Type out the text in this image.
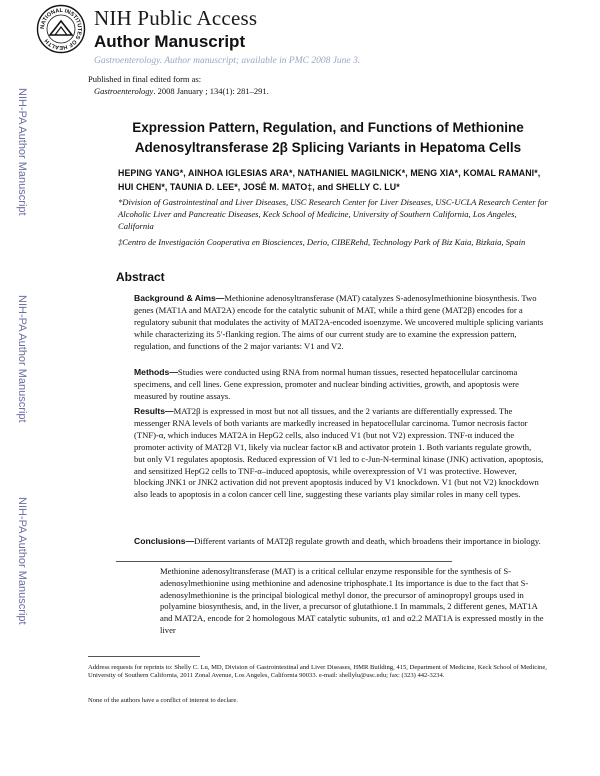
NATIONAL INSTITUTES OF HEALTH
NIH Public Access
Author Manuscript
Gastroenterology. Author manuscript; available in PMC 2008 June 3.
Published in final edited form as:
Gastroenterology. 2008 January ; 134(1): 281–291.
NIH-PA Author Manuscript
NIH-PA Author Manuscript
NIH-PA Author Manuscript
Expression Pattern, Regulation, and Functions of Methionine
Adenosyltransferase 2β Splicing Variants in Hepatoma Cells
HEPING YANG*, AINHOA IGLESIAS ARA*, NATHANIEL MAGILNICK*, MENG XIA*, KOMAL RAMANI*, HUI CHEN*, TAUNIA D. LEE*, JOSÉ M. MATO‡, and SHELLY C. LU*
*Division of Gastrointestinal and Liver Diseases, USC Research Center for Liver Diseases, USC-UCLA Research Center for Alcoholic Liver and Pancreatic Diseases, Keck School of Medicine, University of Southern California, Los Angeles, California
‡Centro de Investigación Cooperativa en Biosciences, Derio, CIBERehd, Technology Park of Biz Kaia, Bizkaia, Spain
Abstract
Background & Aims—Methionine adenosyltransferase (MAT) catalyzes S-adenosylmethionine biosynthesis. Two genes (MAT1A and MAT2A) encode for the catalytic subunit of MAT, while a third gene (MAT2β) encodes for a regulatory subunit that modulates the activity of MAT2A-encoded isoenzyme. We uncovered multiple splicing variants while characterizing its 5′-flanking region. The aims of our current study are to examine the expression pattern, regulation, and functions of the 2 major variants: V1 and V2.
Methods—Studies were conducted using RNA from normal human tissues, resected hepatocellular carcinoma specimens, and cell lines. Gene expression, promoter and nuclear binding activities, growth, and apoptosis were measured by routine assays.
Results—MAT2β is expressed in most but not all tissues, and the 2 variants are differentially expressed. The messenger RNA levels of both variants are markedly increased in hepatocellular carcinoma. Tumor necrosis factor (TNF)-α, which induces MAT2A in HepG2 cells, also induced V1 (but not V2) expression. TNF-α induced the promoter activity of MAT2β V1, likely via nuclear factor κB and activator protein 1. Both variants regulate growth, but only V1 regulates apoptosis. Reduced expression of V1 led to c-Jun-N-terminal kinase (JNK) activation, apoptosis, and sensitized HepG2 cells to TNF-α–induced apoptosis, while overexpression of V1 was protective. However, blocking JNK1 or JNK2 activation did not prevent apoptosis induced by V1 knockdown. V1 (but not V2) knockdown also leads to apoptosis in a colon cancer cell line, suggesting these variants play similar roles in many cell types.
Conclusions—Different variants of MAT2β regulate growth and death, which broadens their importance in biology.
Methionine adenosyltransferase (MAT) is a critical cellular enzyme responsible for the synthesis of S-adenosylmethionine using methionine and adenosine triphosphate.1 Its importance is due to the fact that S-adenosylmethionine is the principal biological methyl donor, the precursor of aminopropyl groups used in polyamine biosynthesis, and, in the liver, a precursor of glutathione.1 In mammals, 2 different genes, MAT1A and MAT2A, encode for 2 homologous MAT catalytic subunits, α1 and α2.2 MAT1A is expressed mostly in the liver
Address requests for reprints to: Shelly C. Lu, MD, Division of Gastrointestinal and Liver Diseases, HMR Building, 415, Department of Medicine, Keck School of Medicine, University of Southern California, 2011 Zonal Avenue, Los Angeles, California 90033. e-mail: shellylu@usc.edu; fax: (323) 442-3234.
None of the authors have a conflict of interest to declare.
